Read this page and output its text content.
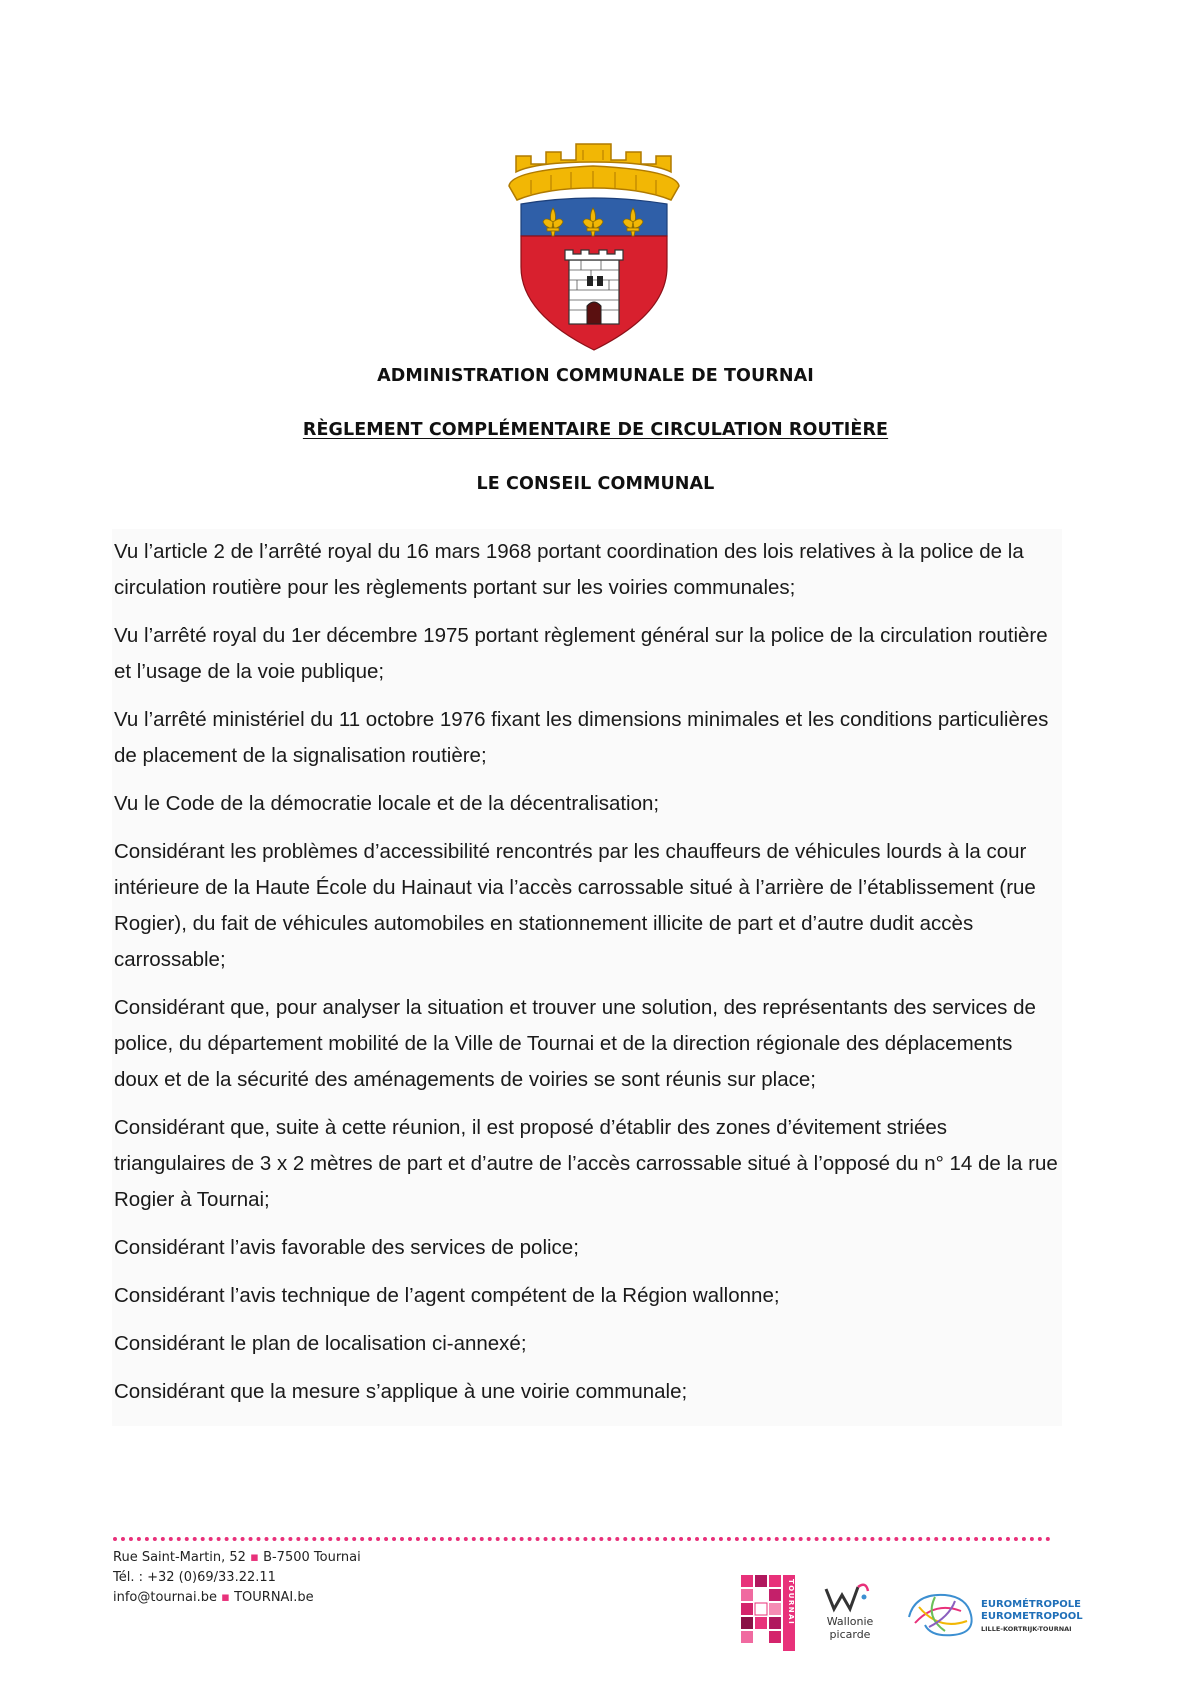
ADMINISTRATION COMMUNALE DE TOURNAI
RÈGLEMENT COMPLÉMENTAIRE DE CIRCULATION ROUTIÈRE
LE CONSEIL COMMUNAL

Vu l’article 2 de l’arrêté royal du 16 mars 1968 portant coordination des lois relatives à la police de la circulation routière pour les règlements portant sur les voiries communales;

Vu l’arrêté royal du 1er décembre 1975 portant règlement général sur la police de la circulation routière et l’usage de la voie publique;

Vu l’arrêté ministériel du 11 octobre 1976 fixant les dimensions minimales et les conditions particulières de placement de la signalisation routière;

Vu le Code de la démocratie locale et de la décentralisation;

Considérant les problèmes d’accessibilité rencontrés par les chauffeurs de véhicules lourds à la cour intérieure de la Haute École du Hainaut via l’accès carrossable situé à l’arrière de l’établissement (rue Rogier), du fait de véhicules automobiles en stationnement illicite de part et d’autre dudit accès carrossable;

Considérant que, pour analyser la situation et trouver une solution, des représentants des services de police, du département mobilité de la Ville de Tournai et de la direction régionale des déplacements doux et de la sécurité des aménagements de voiries se sont réunis sur place;

Considérant que, suite à cette réunion, il est proposé d’établir des zones d’évitement striées triangulaires de 3 x 2 mètres de part et d’autre de l’accès carrossable situé à l’opposé du n° 14 de la rue Rogier à Tournai;

Considérant l’avis favorable des services de police;

Considérant l’avis technique de l’agent compétent de la Région wallonne;

Considérant le plan de localisation ci-annexé;

Considérant que la mesure s’applique à une voirie communale;

Rue Saint-Martin, 52 ▪ B-7500 Tournai
Tél. : +32 (0)69/33.22.11
info@tournai.be ▪ TOURNAI.be	TOURNAI	Wallonie
picarde
EUROMÉTROPOLE
EUROMETROPOOL
LILLE-KORTRIJK-TOURNAI
